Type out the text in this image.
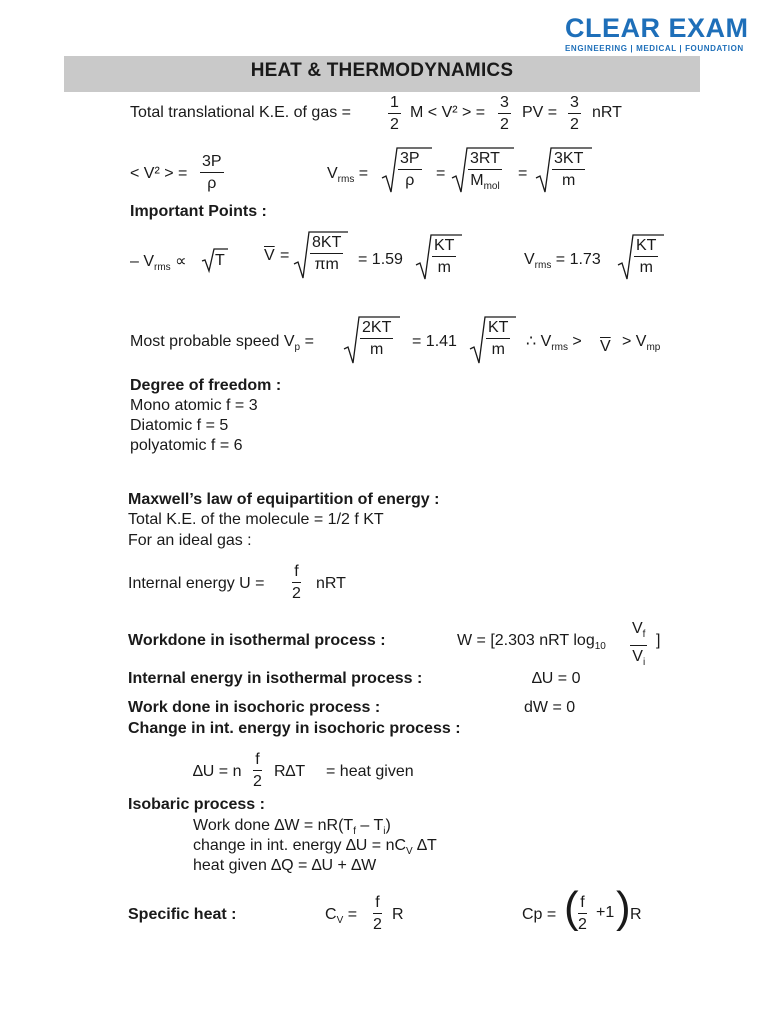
CLEAR EXAM
ENGINEERING | MEDICAL | FOUNDATION
HEAT & THERMODYNAMICS
Total translational K.E. of gas = $\frac{1}{2}$ M < V² > = $\frac{3}{2}$ PV = $\frac{3}{2}$ nRT
< V² > = $\frac{3P}{\rho}$	$V_{rms} = \frac{3P}{\rho}$ =
3RT
$M_{mol}$
= $\frac{3KT}{m}$
Important Points :
– $V_{rms} \propto T$ $\overline{V} = \frac{8KT}{\pi m} = 1.59 \frac{KT}{m}$	$V_{rms} = 1.73 \frac{KT}{m}$
Most probable speed $V_p$ =	$\frac{2KT}{m} = 1.41 \frac{KT}{m}$ ∴ $V_{rms} > \overline{V} > V_{mp}$
Degree of freedom :
Mono atomic f = 3
Diatomic f = 5
polyatomic f = 6
Maxwell’s law of equipartition of energy :
Total K.E. of the molecule = 1/2 f KT
For an ideal gas :
Internal energy $U = \frac{f}{2}$ nRT
Workdone in isothermal process :	W = [2.303 nRT $\log_{10} \frac{V_f}{V_i}$ ]
Internal energy in isothermal process :	∆U = 0
Work done in isochoric process :	dW = 0
Change in int. energy in isochoric process :
∆U = n $\frac{f}{2} R\Delta T$ = heat given
Isobaric process :
Work done $\Delta W = nR(T_f - T_i)$
change in int. energy $\Delta U = nC_V$ ∆T
heat given ∆Q = ∆U + ∆W
Specific heat :	$C_V = \frac{f}{2}$ R	Cp = ( $\frac{f}{2} +1$ ) R
